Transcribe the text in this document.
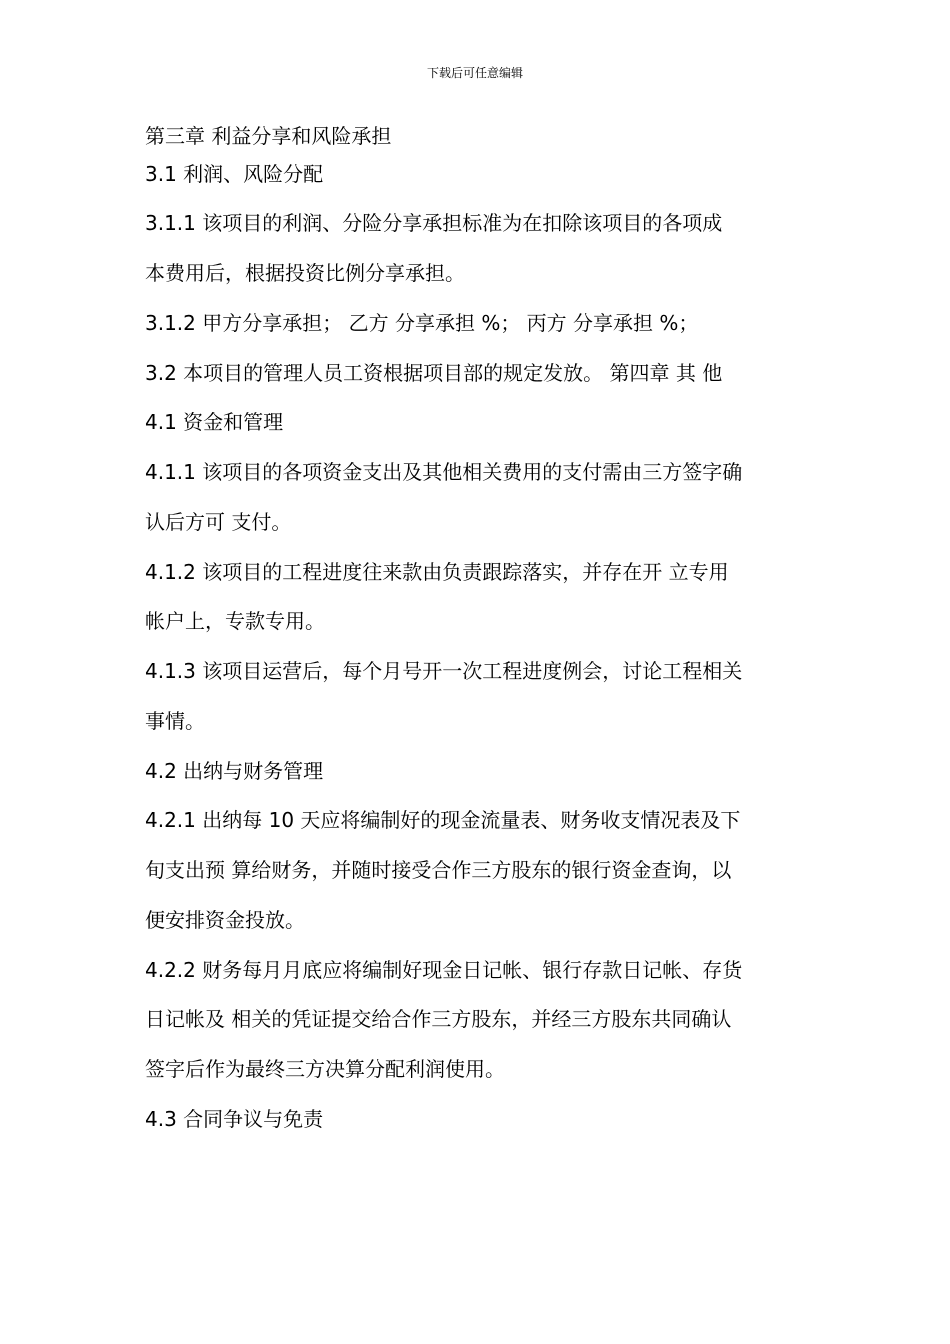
下载后可任意编辑
第三章 利益分享和风险承担
3.1 利润、风险分配
3.1.1 该项目的利润、分险分享承担标准为在扣除该项目的各项成
本费用后，根据投资比例分享承担。
3.1.2 甲方分享承担； 乙方 分享承担 %； 丙方 分享承担 %；
3.2 本项目的管理人员工资根据项目部的规定发放。 第四章 其 他
4.1 资金和管理
4.1.1 该项目的各项资金支出及其他相关费用的支付需由三方签字确
认后方可 支付。
4.1.2 该项目的工程进度往来款由负责跟踪落实，并存在开 立专用
帐户上，专款专用。
4.1.3 该项目运营后，每个月号开一次工程进度例会，讨论工程相关
事情。
4.2 出纳与财务管理
4.2.1 出纳每 10 天应将编制好的现金流量表、财务收支情况表及下
旬支出预 算给财务，并随时接受合作三方股东的银行资金查询，以
便安排资金投放。
4.2.2 财务每月月底应将编制好现金日记帐、银行存款日记帐、存货
日记帐及 相关的凭证提交给合作三方股东，并经三方股东共同确认
签字后作为最终三方决算分配利润使用。
4.3 合同争议与免责
